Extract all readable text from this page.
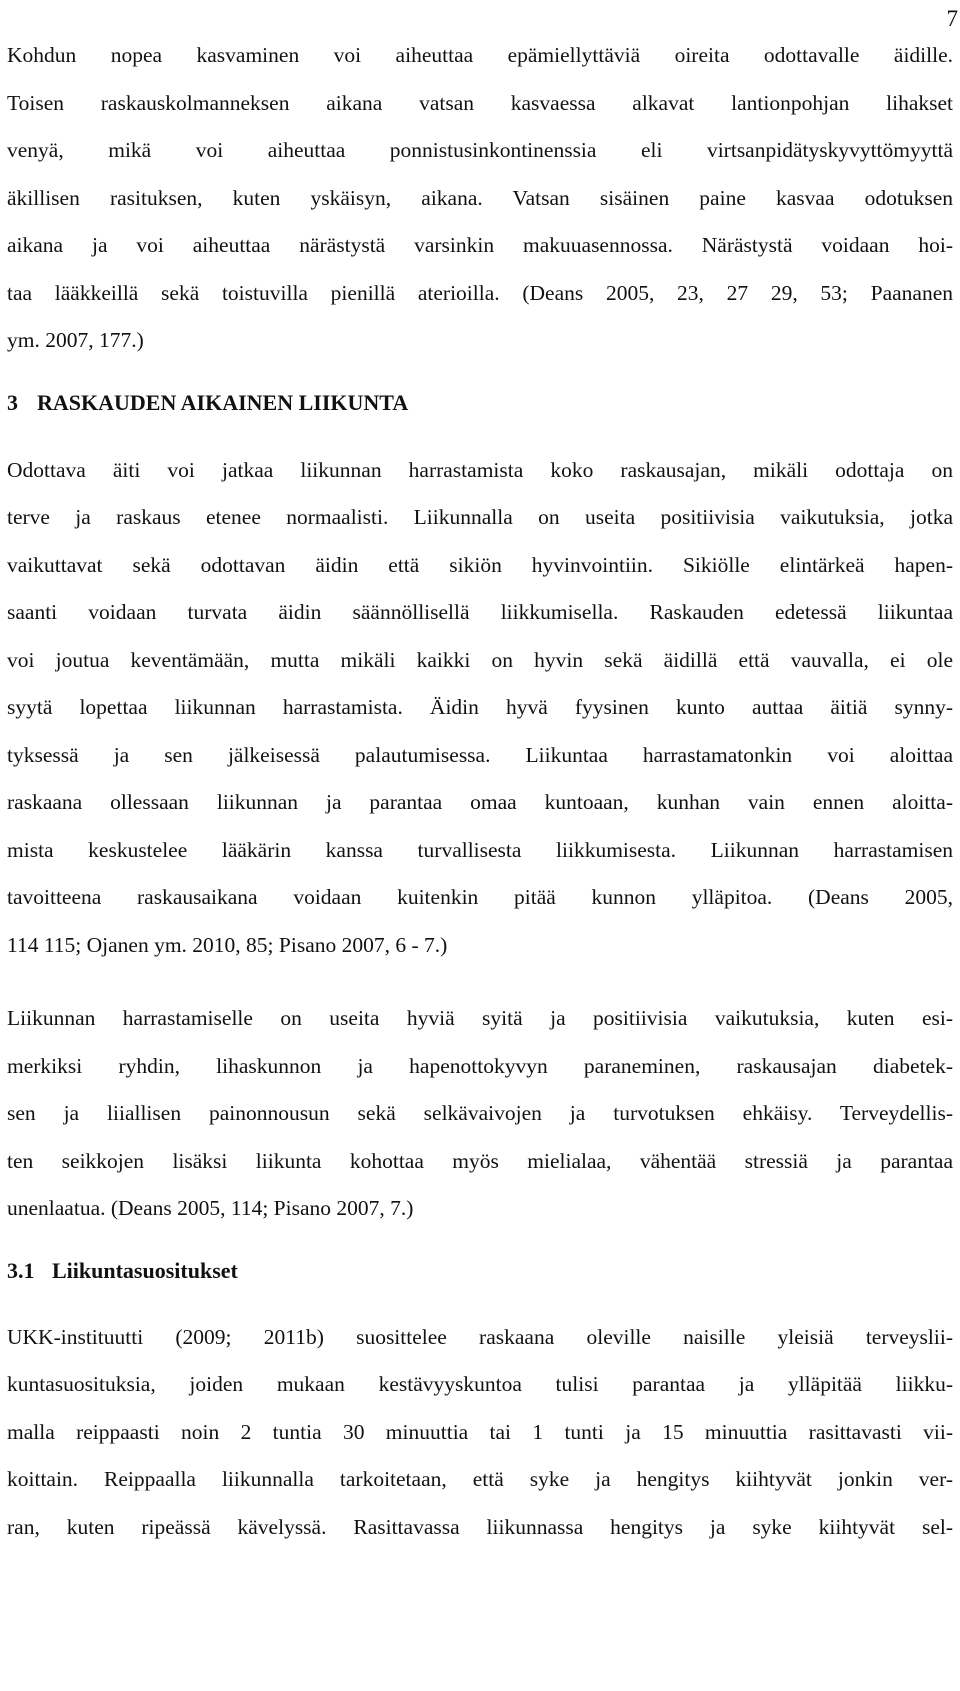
7

Kohdun nopea kasvaminen voi aiheuttaa epämiellyttäviä oireita odottavalle äidille.
Toisen raskauskolmanneksen aikana vatsan kasvaessa alkavat lantionpohjan lihakset
venyä, mikä voi aiheuttaa ponnistusinkontinenssia eli virtsanpidätyskyvyttömyyttä
äkillisen rasituksen, kuten yskäisyn, aikana. Vatsan sisäinen paine kasvaa odotuksen
aikana ja voi aiheuttaa närästystä varsinkin makuuasennossa. Närästystä voidaan hoi-
taa lääkkeillä sekä toistuvilla pienillä aterioilla. (Deans 2005, 23, 27 29, 53; Paananen
ym. 2007, 177.)

3 RASKAUDEN AIKAINEN LIIKUNTA

Odottava äiti voi jatkaa liikunnan harrastamista koko raskausajan, mikäli odottaja on
terve ja raskaus etenee normaalisti. Liikunnalla on useita positiivisia vaikutuksia, jotka
vaikuttavat sekä odottavan äidin että sikiön hyvinvointiin. Sikiölle elintärkeä hapen-
saanti voidaan turvata äidin säännöllisellä liikkumisella. Raskauden edetessä liikuntaa
voi joutua keventämään, mutta mikäli kaikki on hyvin sekä äidillä että vauvalla, ei ole
syytä lopettaa liikunnan harrastamista. Äidin hyvä fyysinen kunto auttaa äitiä synny-
tyksessä ja sen jälkeisessä palautumisessa. Liikuntaa harrastamatonkin voi aloittaa
raskaana ollessaan liikunnan ja parantaa omaa kuntoaan, kunhan vain ennen aloitta-
mista keskustelee lääkärin kanssa turvallisesta liikkumisesta. Liikunnan harrastamisen
tavoitteena raskausaikana voidaan kuitenkin pitää kunnon ylläpitoa. (Deans 2005,
114 115; Ojanen ym. 2010, 85; Pisano 2007, 6 - 7.)

Liikunnan harrastamiselle on useita hyviä syitä ja positiivisia vaikutuksia, kuten esi-
merkiksi ryhdin, lihaskunnon ja hapenottokyvyn paraneminen, raskausajan diabetek-
sen ja liiallisen painonnousun sekä selkävaivojen ja turvotuksen ehkäisy. Terveydellis-
ten seikkojen lisäksi liikunta kohottaa myös mielialaa, vähentää stressiä ja parantaa
unenlaatua. (Deans 2005, 114; Pisano 2007, 7.)

3.1 Liikuntasuositukset

UKK-instituutti (2009; 2011b) suosittelee raskaana oleville naisille yleisiä terveyslii-
kuntasuosituksia, joiden mukaan kestävyyskuntoa tulisi parantaa ja ylläpitää liikku-
malla reippaasti noin 2 tuntia 30 minuuttia tai 1 tunti ja 15 minuuttia rasittavasti vii-
koittain. Reippaalla liikunnalla tarkoitetaan, että syke ja hengitys kiihtyvät jonkin ver-
ran, kuten ripeässä kävelyssä. Rasittavassa liikunnassa hengitys ja syke kiihtyvät sel-
